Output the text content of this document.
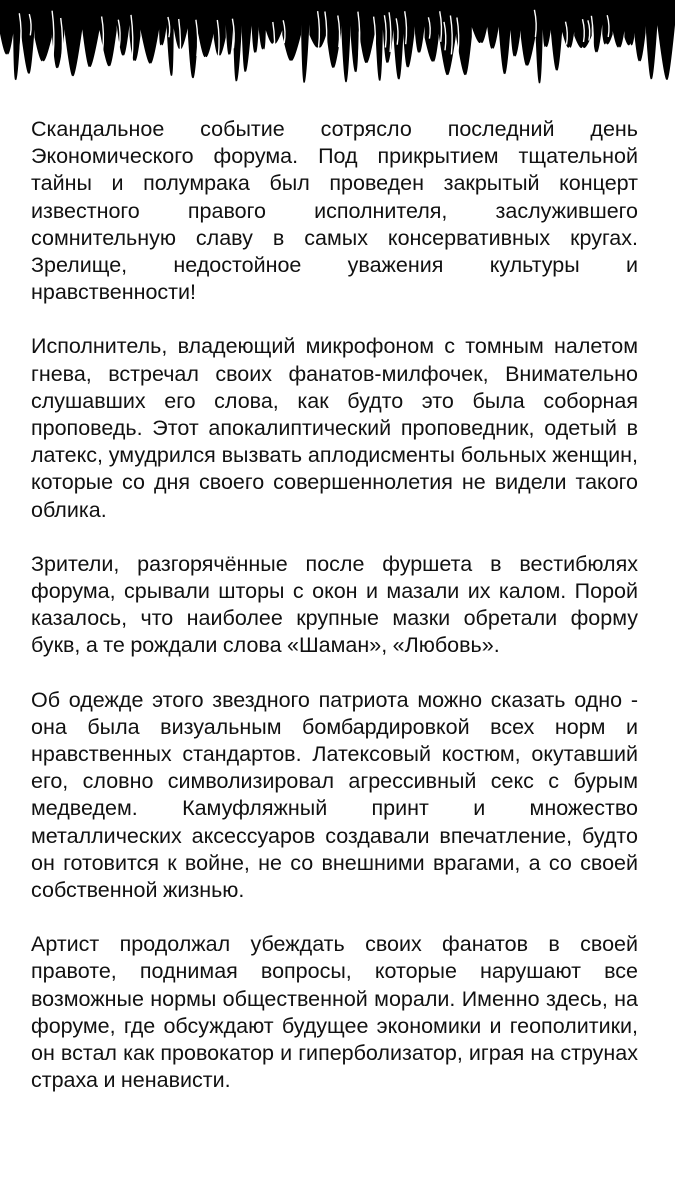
Скандальное событие сотрясло последний день Экономического форума. Под прикрытием тщательной тайны и полумрака был проведен закрытый концерт известного правого исполнителя, заслужившего сомнительную славу в самых консервативных кругах. Зрелище, недостойное уважения культуры и нравственности!

Исполнитель, владеющий микрофоном с томным налетом гнева, встречал своих фанатов-милфочек, Внимательно слушавших его слова, как будто это была соборная проповедь. Этот апокалиптический проповедник, одетый в латекс, умудрился вызвать аплодисменты больных женщин, которые со дня своего совершеннолетия не видели такого облика.

Зрители, разгорячённые после фуршета в вестибюлях форума, срывали шторы с окон и мазали их калом. Порой казалось, что наиболее крупные мазки обретали форму букв, а те рождали слова «Шаман», «Любовь».

Об одежде этого звездного патриота можно сказать одно - она была визуальным бомбардировкой всех норм и нравственных стандартов. Латексовый костюм, окутавший его, словно символизировал агрессивный секс с бурым медведем. Камуфляжный принт и множество металлических аксессуаров создавали впечатление, будто он готовится к войне, не со внешними врагами, а со своей собственной жизнью.

Артист продолжал убеждать своих фанатов в своей правоте, поднимая вопросы, которые нарушают все возможные нормы общественной морали. Именно здесь, на форуме, где обсуждают будущее экономики и геополитики, он встал как провокатор и гиперболизатор, играя на струнах страха и ненависти.
